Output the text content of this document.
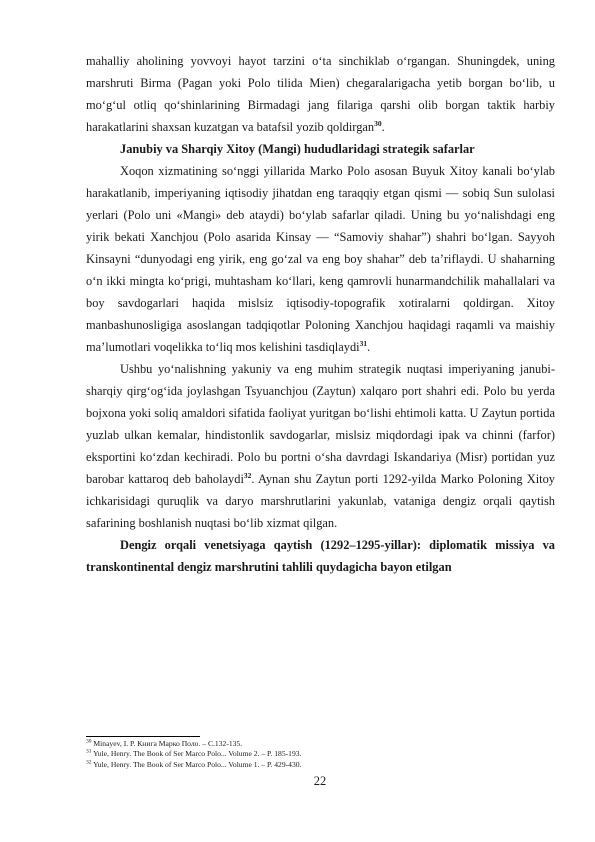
mahalliy aholining yovvoyi hayot tarzini o‘ta sinchiklab o‘rgangan. Shuningdek, uning marshruti Birma (Pagan yoki Polo tilida Mien) chegaralarigacha yetib borgan bo‘lib, u mo‘g‘ul otliq qo‘shinlarining Birmadagi jang filariga qarshi olib borgan taktik harbiy harakatlarini shaxsan kuzatgan va batafsil yozib qoldirgan$^{30}$.

Janubiy va Sharqiy Xitoy (Mangi) hududlaridagi strategik safarlar

Xoqon xizmatining so‘nggi yillarida Marko Polo asosan Buyuk Xitoy kanali bo‘ylab harakatlanib, imperiyaning iqtisodiy jihatdan eng taraqqiy etgan qismi — sobiq Sun sulolasi yerlari (Polo uni «Mangi» deb ataydi) bo‘ylab safarlar qiladi. Uning bu yo‘nalishdagi eng yirik bekati Xanchjou (Polo asarida Kinsay — “Samoviy shahar”) shahri bo‘lgan. Sayyoh Kinsayni “dunyodagi eng yirik, eng go‘zal va eng boy shahar” deb ta’riflaydi. U shaharning o‘n ikki mingta ko‘prigi, muhtasham ko‘llari, keng qamrovli hunarmandchilik mahallalari va boy savdogarlari haqida mislsiz iqtisodiy-topografik xotiralarni qoldirgan. Xitoy manbashunosligiga asoslangan tadqiqotlar Poloning Xanchjou haqidagi raqamli va maishiy ma’lumotlari voqelikka to‘liq mos kelishini tasdiqlaydi$^{31}$.

Ushbu yo‘nalishning yakuniy va eng muhim strategik nuqtasi imperiyaning janubi-sharqiy qirg‘og‘ida joylashgan Tsyuanchjou (Zaytun) xalqaro port shahri edi. Polo bu yerda bojxona yoki soliq amaldori sifatida faoliyat yuritgan bo‘lishi ehtimoli katta. U Zaytun portida yuzlab ulkan kemalar, hindistonlik savdogarlar, mislsiz miqdordagi ipak va chinni (farfor) eksportini ko‘zdan kechiradi. Polo bu portni o‘sha davrdagi Iskandariya (Misr) portidan yuz barobar kattaroq deb baholaydi$^{32}$. Aynan shu Zaytun porti 1292-yilda Marko Poloning Xitoy ichkarisidagi quruqlik va daryo marshrutlarini yakunlab, vataniga dengiz orqali qaytish safarining boshlanish nuqtasi bo‘lib xizmat qilgan.

Dengiz orqali venetsiyaga qaytish (1292–1295-yillar): diplomatik missiya va transkontinental dengiz marshrutini tahlili quydagicha bayon etilgan

$^{30}$ Minayev, I. P. Книга Марко Поло. – С.132-135.

$^{31}$ Yule, Henry. The Book of Ser Marco Polo... Volume 2. – P. 185-193.

$^{32}$ Yule, Henry. The Book of Ser Marco Polo... Volume 1. – P. 429-430.

22
